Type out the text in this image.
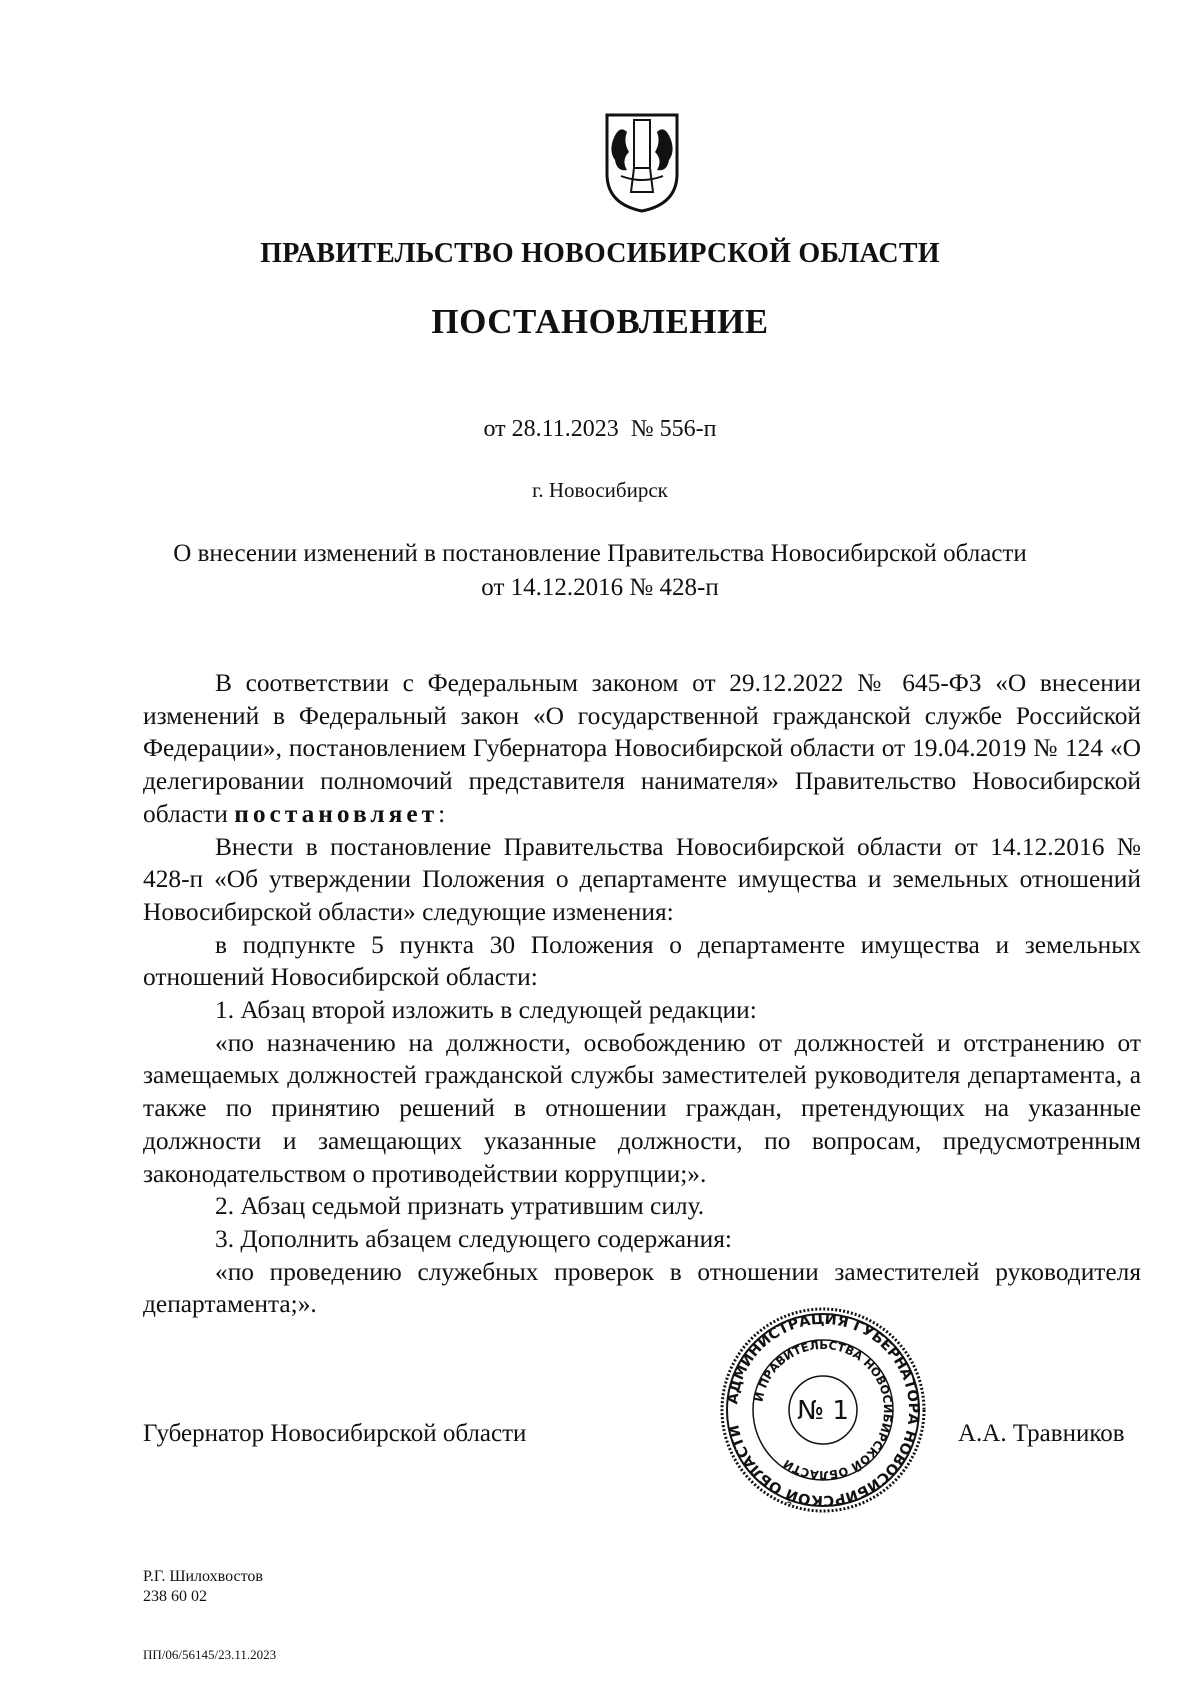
ПРАВИТЕЛЬСТВО НОВОСИБИРСКОЙ ОБЛАСТИ
ПОСТАНОВЛЕНИЕ
от 28.11.2023 № 556-п
г. Новосибирск
О внесении изменений в постановление Правительства Новосибирской области
от 14.12.2016 № 428-п

В соответствии с Федеральным законом от 29.12.2022 № 645-ФЗ «О внесении изменений в Федеральный закон «О государственной гражданской службе Российской Федерации», постановлением Губернатора Новосибирской области от 19.04.2019 № 124 «О делегировании полномочий представителя нанимателя» Правительство Новосибирской области постановляет:

Внести в постановление Правительства Новосибирской области от 14.12.2016 № 428-п «Об утверждении Положения о департаменте имущества и земельных отношений Новосибирской области» следующие изменения:

в подпункте 5 пункта 30 Положения о департаменте имущества и земельных отношений Новосибирской области:

1. Абзац второй изложить в следующей редакции:

«по назначению на должности, освобождению от должностей и отстранению от замещаемых должностей гражданской службы заместителей руководителя департамента, а также по принятию решений в отношении граждан, претендующих на указанные должности и замещающих указанные должности, по вопросам, предусмотренным законодательством о противодействии коррупции;».

2. Абзац седьмой признать утратившим силу.

3. Дополнить абзацем следующего содержания:

«по проведению служебных проверок в отношении заместителей руководителя департамента;».

Губернатор Новосибирской области	А.А. Травников
АДМИНИСТРАЦИЯ ГУБЕРНАТОРА НОВОСИБИРСКОЙ ОБЛАСТИ
И ПРАВИТЕЛЬСТВА НОВОСИБИРСКОЙ ОБЛАСТИ
№ 1
Р.Г. Шилохвостов
238 60 02
ПП/06/56145/23.11.2023
